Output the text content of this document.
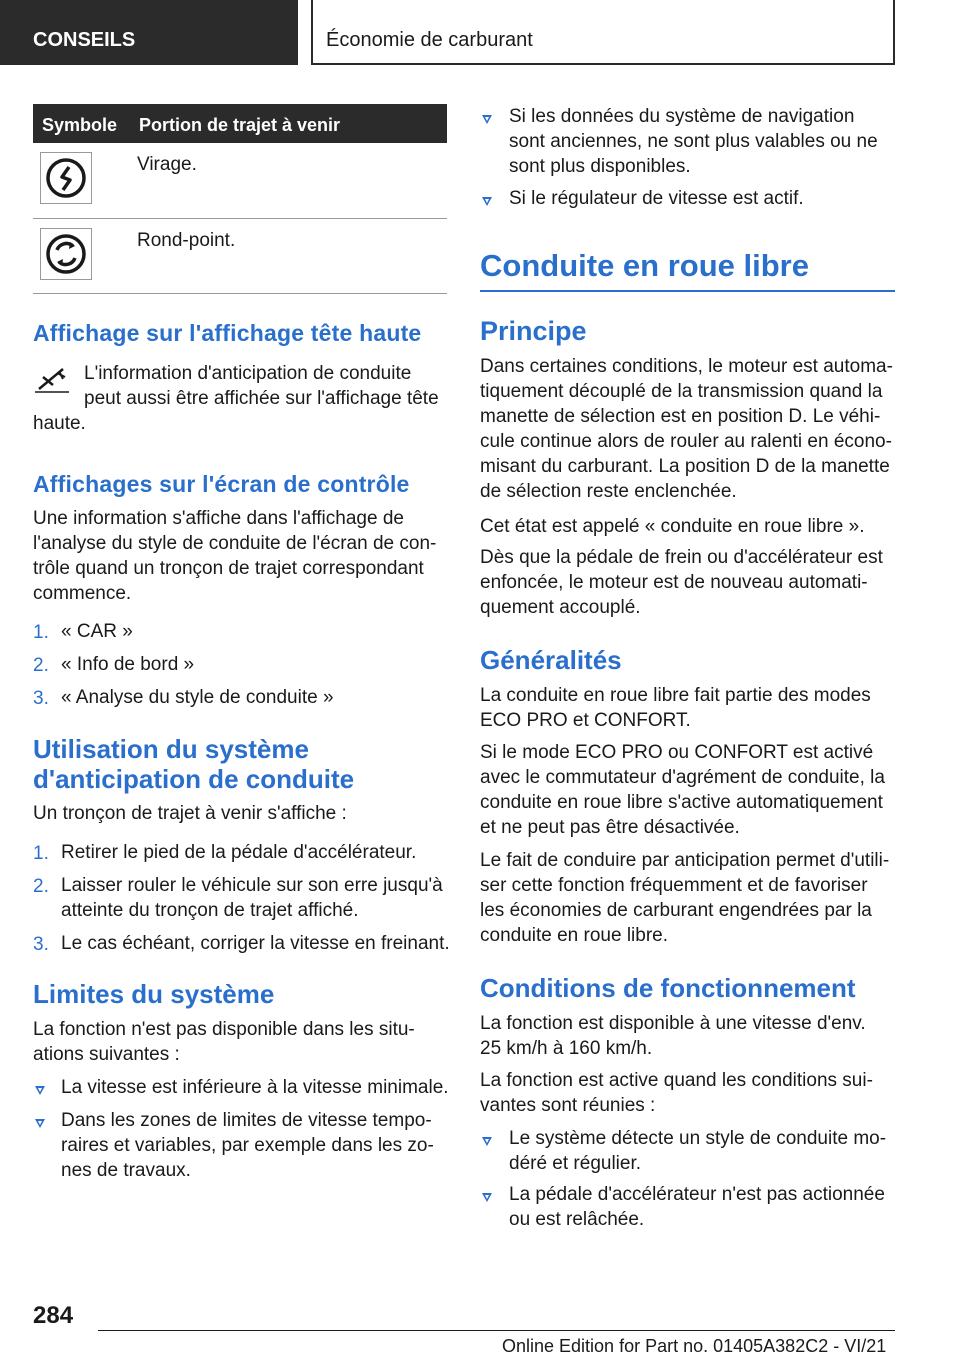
CONSEILS	Économie de carburant
Symbole Portion de trajet à venir
Virage.
Rond-point.
Affichage sur l'affichage tête haute
L'information d'anticipation de conduite
peut aussi être affichée sur l'affichage tête
haute.
Affichages sur l'écran de contrôle
Une information s'affiche dans l'affichage de
l'analyse du style de conduite de l'écran de con-
trôle quand un tronçon de trajet correspondant
commence.
1. « CAR »
2. « Info de bord »
3. « Analyse du style de conduite »
Utilisation du système
d'anticipation de conduite
Un tronçon de trajet à venir s'affiche :
1. Retirer le pied de la pédale d'accélérateur.
2. Laisser rouler le véhicule sur son erre jusqu'à
atteinte du tronçon de trajet affiché.
3. Le cas échéant, corriger la vitesse en freinant.
Limites du système
La fonction n'est pas disponible dans les situ-
ations suivantes :
La vitesse est inférieure à la vitesse minimale.
Dans les zones de limites de vitesse tempo-
raires et variables, par exemple dans les zo-
nes de travaux.
Si les données du système de navigation
sont anciennes, ne sont plus valables ou ne
sont plus disponibles.
Si le régulateur de vitesse est actif.
Conduite en roue libre
Principe
Dans certaines conditions, le moteur est automa-
tiquement découplé de la transmission quand la
manette de sélection est en position D. Le véhi-
cule continue alors de rouler au ralenti en écono-
misant du carburant. La position D de la manette
de sélection reste enclenchée.
Cet état est appelé « conduite en roue libre ».
Dès que la pédale de frein ou d'accélérateur est
enfoncée, le moteur est de nouveau automati-
quement accouplé.
Généralités
La conduite en roue libre fait partie des modes
ECO PRO et CONFORT.
Si le mode ECO PRO ou CONFORT est activé
avec le commutateur d'agrément de conduite, la
conduite en roue libre s'active automatiquement
et ne peut pas être désactivée.
Le fait de conduire par anticipation permet d'utili-
ser cette fonction fréquemment et de favoriser
les économies de carburant engendrées par la
conduite en roue libre.
Conditions de fonctionnement
La fonction est disponible à une vitesse d'env.
25 km/h à 160 km/h.
La fonction est active quand les conditions sui-
vantes sont réunies :
Le système détecte un style de conduite mo-
déré et régulier.
La pédale d'accélérateur n'est pas actionnée
ou est relâchée.
284
Online Edition for Part no. 01405A382C2 - VI/21
